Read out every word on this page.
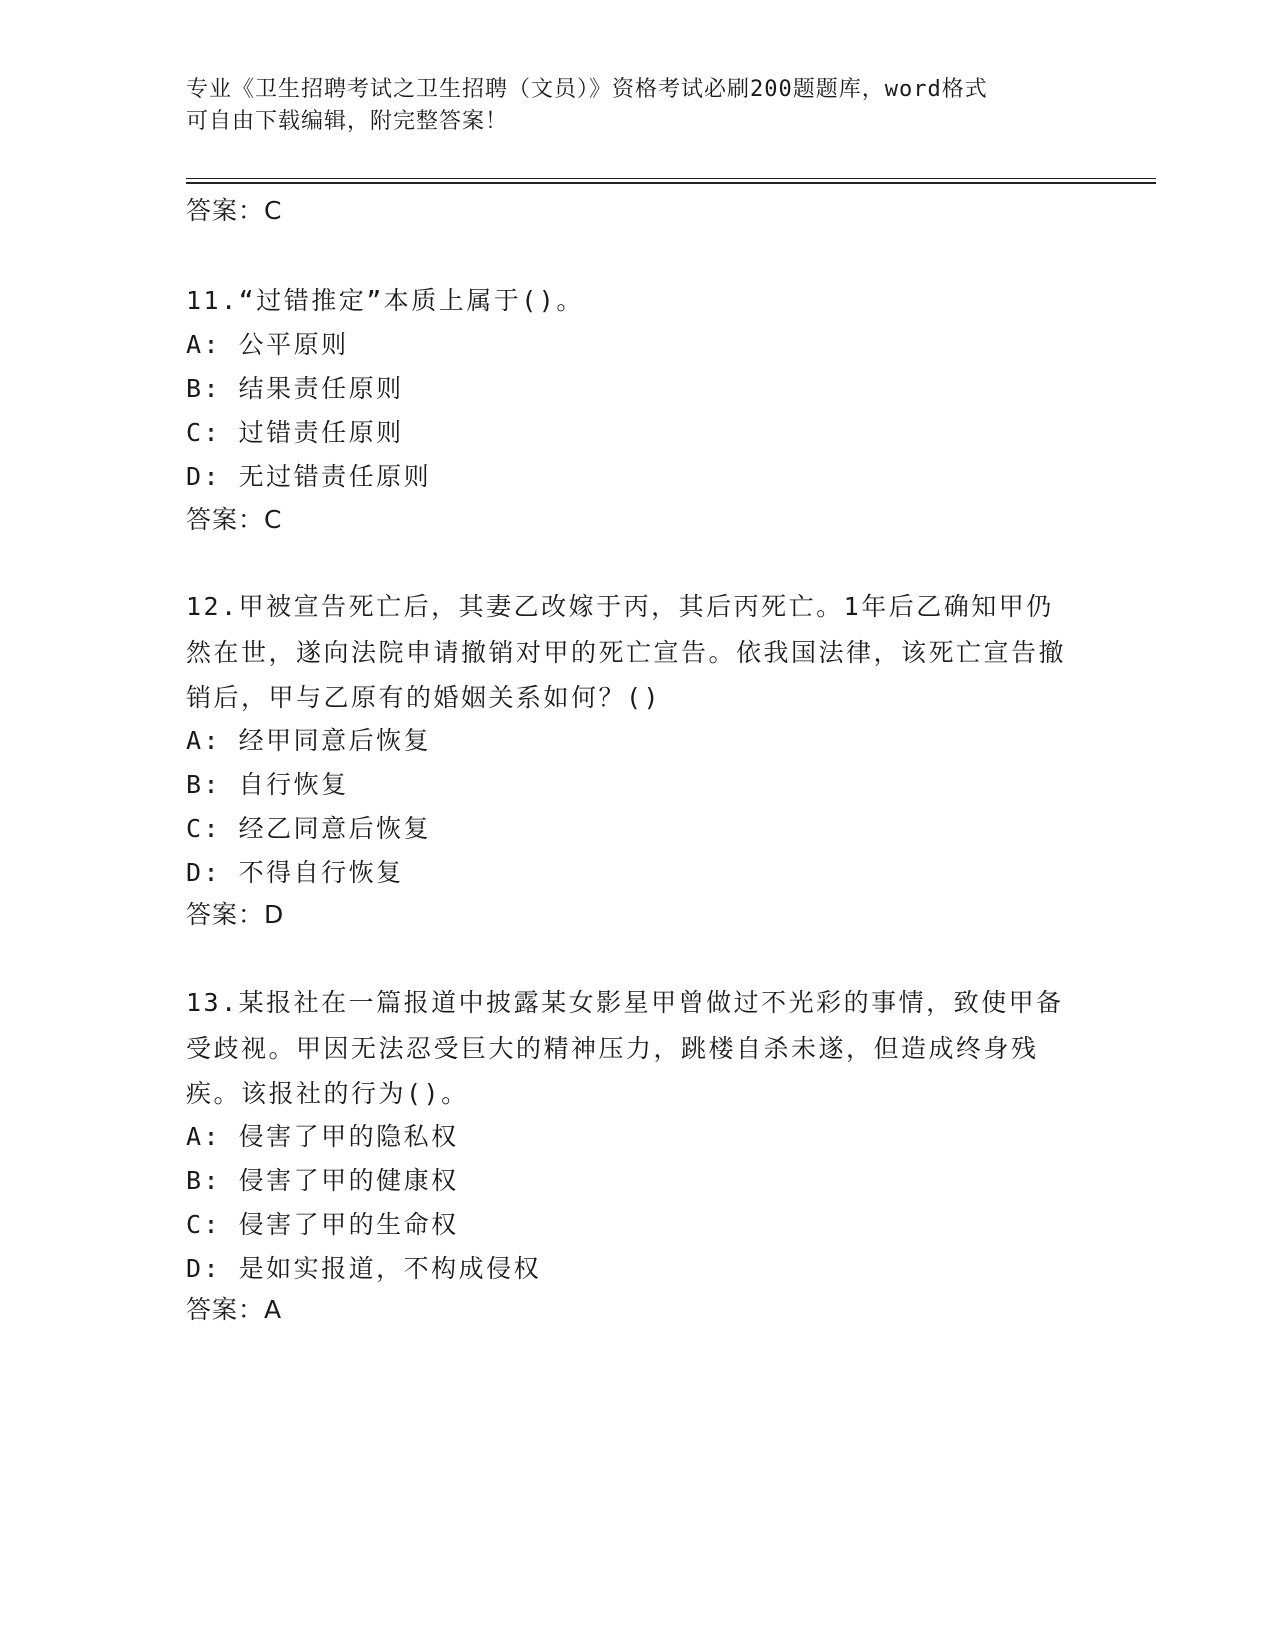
专业《卫生招聘考试之卫生招聘（文员）》资格考试必刷200题题库，word格式
可自由下载编辑，附完整答案！
答案：C
11.“过错推定”本质上属于()。
A: 公平原则
B: 结果责任原则
C: 过错责任原则
D: 无过错责任原则
答案：C
12.甲被宣告死亡后，其妻乙改嫁于丙，其后丙死亡。1年后乙确知甲仍然在世，遂向法院申请撤销对甲的死亡宣告。依我国法律，该死亡宣告撤销后，甲与乙原有的婚姻关系如何？()
A: 经甲同意后恢复
B: 自行恢复
C: 经乙同意后恢复
D: 不得自行恢复
答案：D
13.某报社在一篇报道中披露某女影星甲曾做过不光彩的事情，致使甲备受歧视。甲因无法忍受巨大的精神压力，跳楼自杀未遂，但造成终身残疾。该报社的行为()。
A: 侵害了甲的隐私权
B: 侵害了甲的健康权
C: 侵害了甲的生命权
D: 是如实报道，不构成侵权
答案：A
